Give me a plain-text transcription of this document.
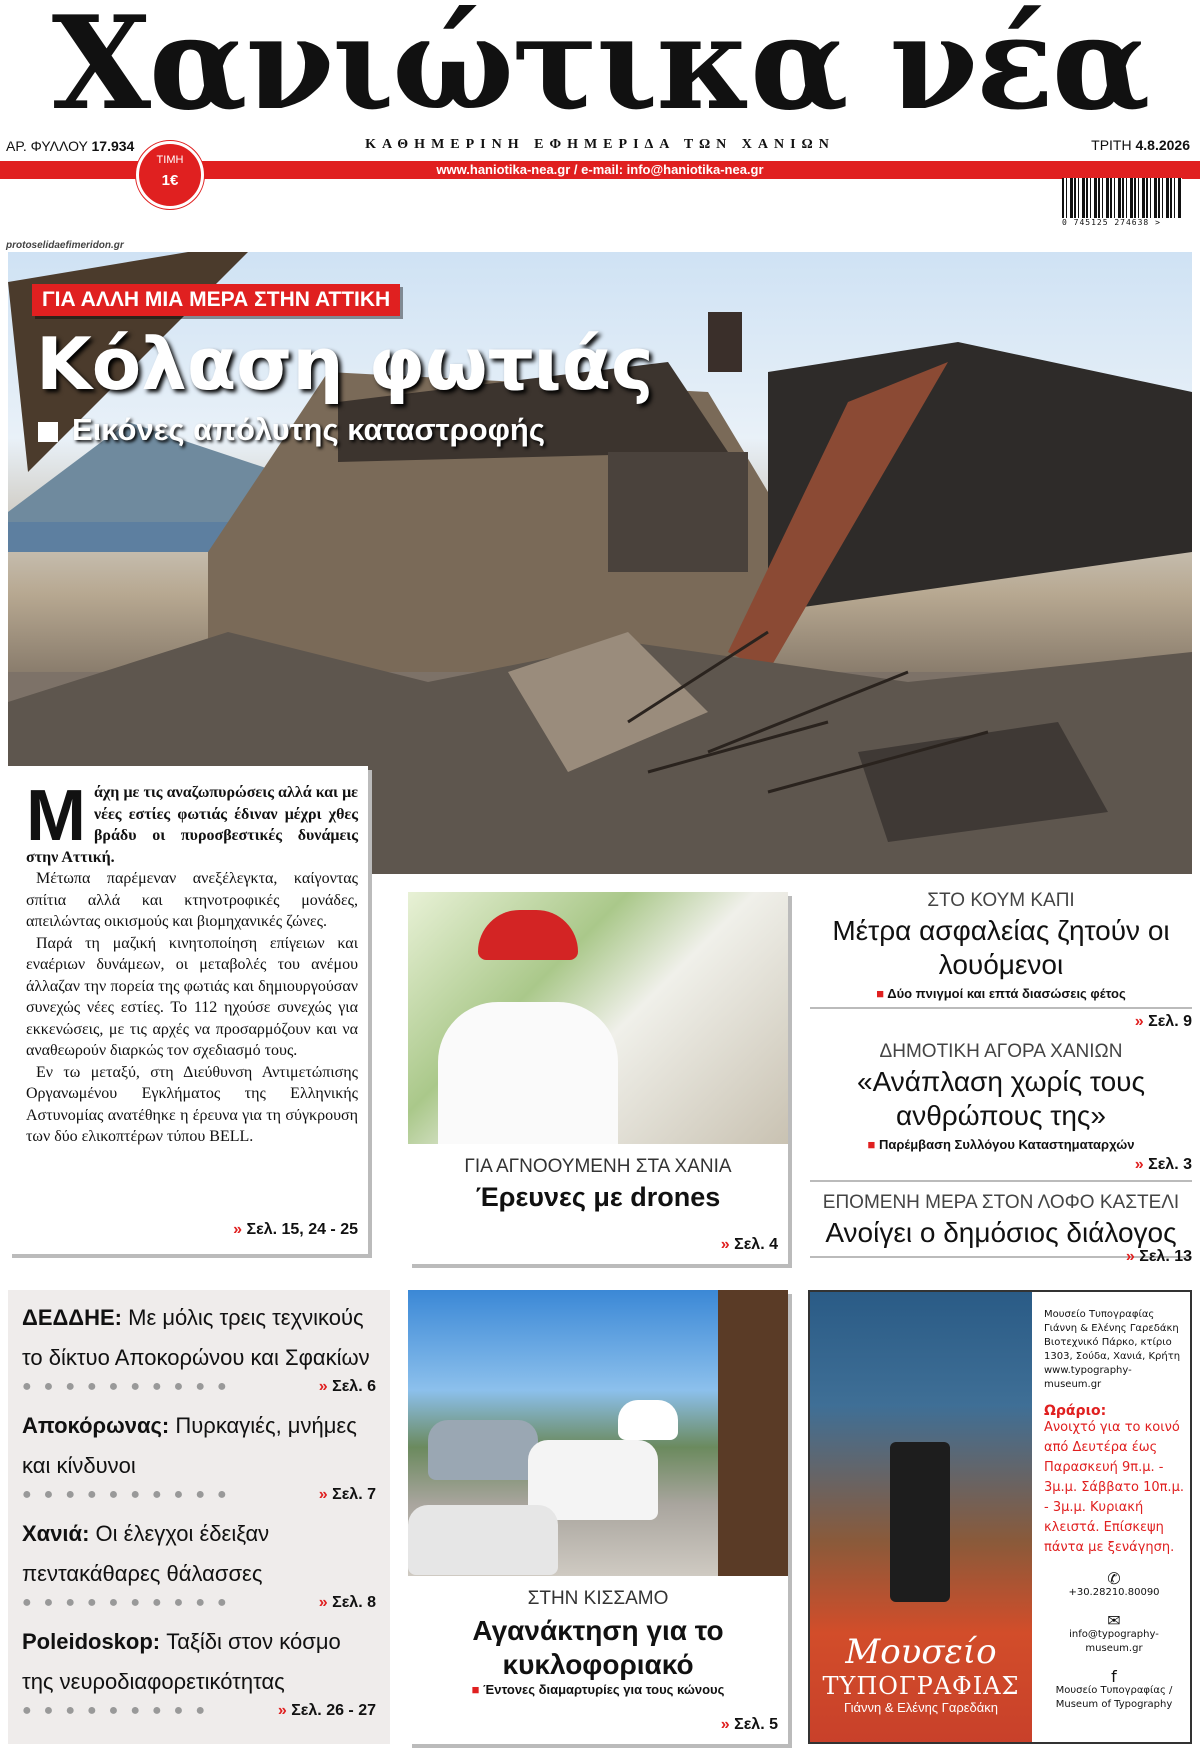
Χανιώτικα νέα
ΑΡ. ΦΥΛΛΟΥ 17.934	ΚΑΘΗΜΕΡΙΝΗ ΕΦΗΜΕΡΙΔΑ ΤΩΝ ΧΑΝΙΩΝ	ΤΡΙΤΗ 4.8.2026
www.haniotika-nea.gr / e-mail: info@haniotika-nea.gr
ΤΙΜΗ
1€
0 745125 274638 >
protoselidaefimeridon.gr
ΓΙΑ ΑΛΛΗ ΜΙΑ ΜΕΡΑ ΣΤΗΝ ΑΤΤΙΚΗ
Κόλαση φωτιάς
Εικόνες απόλυτης καταστροφής
Μ άχη με τις αναζωπυρώσεις αλλά και με νέες εστίες φωτιάς έδιναν μέχρι χθες βράδυ οι πυροσβεστικές δυνάμεις στην Αττική.

Μέτωπα παρέμεναν ανεξέλεγκτα, καίγοντας σπίτια αλλά και κτηνοτροφικές μονάδες, απειλώντας οικισμούς και βιομηχανικές ζώνες.

Παρά τη μαζική κινητοποίηση επίγειων και εναέριων δυνάμεων, οι μεταβολές του ανέμου άλλαζαν την πορεία της φωτιάς και δημιουργούσαν συνεχώς νέες εστίες. Το 112 ηχούσε συνεχώς για εκκενώσεις, με τις αρχές να προσαρμόζουν και να αναθεωρούν διαρκώς τον σχεδιασμό τους.

Εν τω μεταξύ, στη Διεύθυνση Αντιμετώπισης Οργανωμένου Εγκλήματος της Ελληνικής Αστυνομίας ανατέθηκε η έρευνα για τη σύγκρουση των δύο ελικοπτέρων τύπου BELL.

» Σελ. 15, 24 - 25
ΓΙΑ ΑΓΝΟΟΥΜΕΝΗ ΣΤΑ ΧΑΝΙΑ
Έρευνες με drones
» Σελ. 4
ΣΤΟ ΚΟΥΜ ΚΑΠΙ
Μέτρα ασφαλείας ζητούν οι λουόμενοι
■ Δύο πνιγμοί και επτά διασώσεις φέτος
» Σελ. 9
ΔΗΜΟΤΙΚΗ ΑΓΟΡΑ ΧΑΝΙΩΝ
«Ανάπλαση χωρίς τους ανθρώπους της»
■ Παρέμβαση Συλλόγου Καταστηματαρχών
» Σελ. 3
ΕΠΟΜΕΝΗ ΜΕΡΑ ΣΤΟΝ ΛΟΦΟ ΚΑΣΤΕΛΙ
Ανοίγει ο δημόσιος διάλογος
» Σελ. 13
ΔΕΔΔΗΕ: Με μόλις τρεις τεχνικούς το δίκτυο Αποκορώνου και Σφακίων
●●●●●●●●●●	» Σελ. 6
Αποκόρωνας: Πυρκαγιές, μνήμες και κίνδυνοι
●●●●●●●●●●	» Σελ. 7
Χανιά: Οι έλεγχοι έδειξαν πεντακάθαρες θάλασσες
●●●●●●●●●●	» Σελ. 8
Poleidoskop: Ταξίδι στον κόσμο της νευροδιαφορετικότητας
●●●●●●●●●	» Σελ. 26 - 27
ΣΤΗΝ ΚΙΣΣΑΜΟ
Αγανάκτηση για το κυκλοφοριακό
■ Έντονες διαμαρτυρίες για τους κώνους
» Σελ. 5
Μουσείο
ΤΥΠΟΓΡΑΦΙΑΣ
Γιάννη & Ελένης Γαρεδάκη
Μουσείο Τυπογραφίας Γιάννη & Ελένης Γαρεδάκη Βιοτεχνικό Πάρκο, κτίριο 1303, Σούδα, Χανιά, Κρήτη
www.typography-museum.gr
Ωράριο:
Ανοιχτό για το κοινό από Δευτέρα έως Παρασκευή 9π.μ. - 3μ.μ. Σάββατο 10π.μ. - 3μ.μ. Κυριακή κλειστά. Επίσκεψη πάντα με ξενάγηση.
✆
+30.28210.80090
✉
info@typography-museum.gr
f
Μουσείο Τυπογραφίας / Museum of Typography
